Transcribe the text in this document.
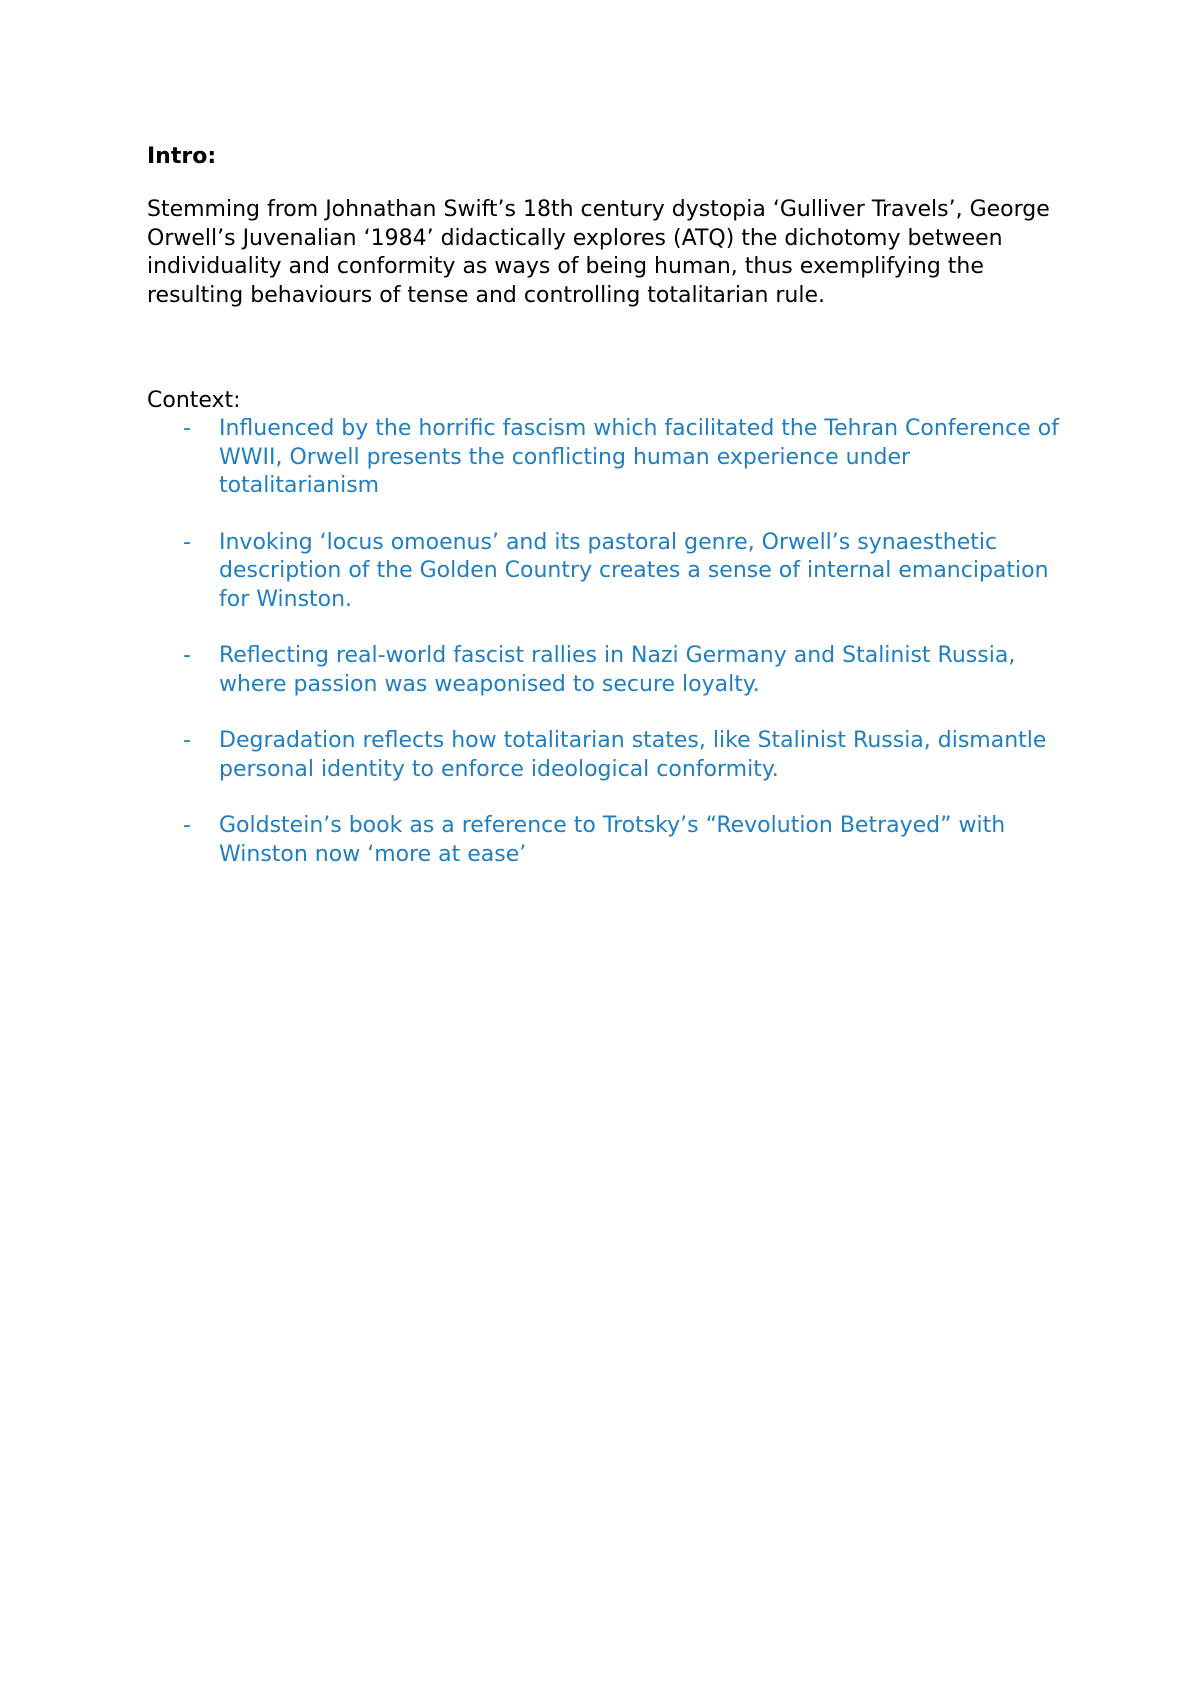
Intro:

Stemming from Johnathan Swift’s 18th century dystopia ‘Gulliver Travels’, George Orwell’s Juvenalian ‘1984’ didactically explores (ATQ) the dichotomy between individuality and conformity as ways of being human, thus exemplifying the resulting behaviours of tense and controlling totalitarian rule.

Context:

- Influenced by the horrific fascism which facilitated the Tehran Conference of WWII, Orwell presents the conflicting human experience under totalitarianism
- Invoking ‘locus omoenus’ and its pastoral genre, Orwell’s synaesthetic description of the Golden Country creates a sense of internal emancipation for Winston.
- Reflecting real-world fascist rallies in Nazi Germany and Stalinist Russia, where passion was weaponised to secure loyalty.
- Degradation reflects how totalitarian states, like Stalinist Russia, dismantle personal identity to enforce ideological conformity.
- Goldstein’s book as a reference to Trotsky’s “Revolution Betrayed” with Winston now ‘more at ease’
